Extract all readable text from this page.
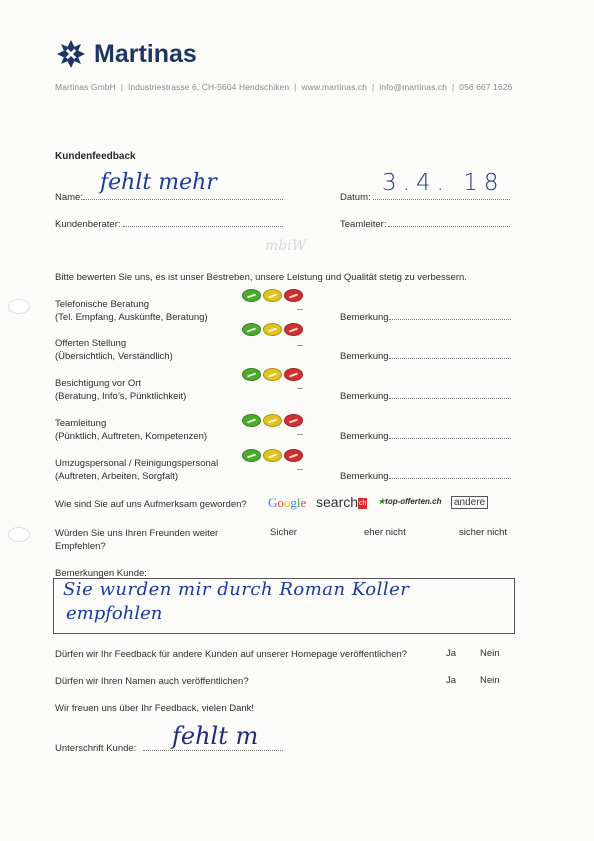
Martinas
Martinas GmbH  |  Industriestrasse 6, CH-5604 Hendschiken  |  www.martinas.ch  |  info@martinas.ch  |  056 667 1626
Kundenfeedback
Name:
fehlt mehr
Datum:
3.4. 18
Kundenberater:	Teamleiter:
mbiW
Bitte bewerten Sie uns, es ist unser Bestreben, unsere Leistung und Qualität stetig zu verbessern.
Telefonische Beratung
(Tel. Empfang, Auskünfte, Beratung)	Bemerkung
Offerten Stellung
(Übersichtlich, Verständlich)	Bemerkung
Besichtigung vor Ort
(Beratung, Info’s, Pünktlichkeit)	Bemerkung
Teamleitung
(Pünktlich, Auftreten, Kompetenzen)	Bemerkung
Umzugspersonal / Reinigungspersonal
(Auftreten, Arbeiten, Sorgfalt)	Bemerkung
Wie sind Sie auf uns Aufmerksam geworden? Google searchch ★top-offerten.ch	andere
Würden Sie uns Ihren Freunden weiter
Empfehlen?
Sicher	eher nicht	sicher nicht
Bemerkungen Kunde:
Sie wurden mir durch Roman Koller
empfohlen
Dürfen wir Ihr Feedback für andere Kunden auf unserer Homepage veröffentlichen?	Ja	Nein
Dürfen wir Ihren Namen auch veröffentlichen?	Ja	Nein
Wir freuen uns über Ihr Feedback, vielen Dank!
Unterschrift Kunde: fehlt m
